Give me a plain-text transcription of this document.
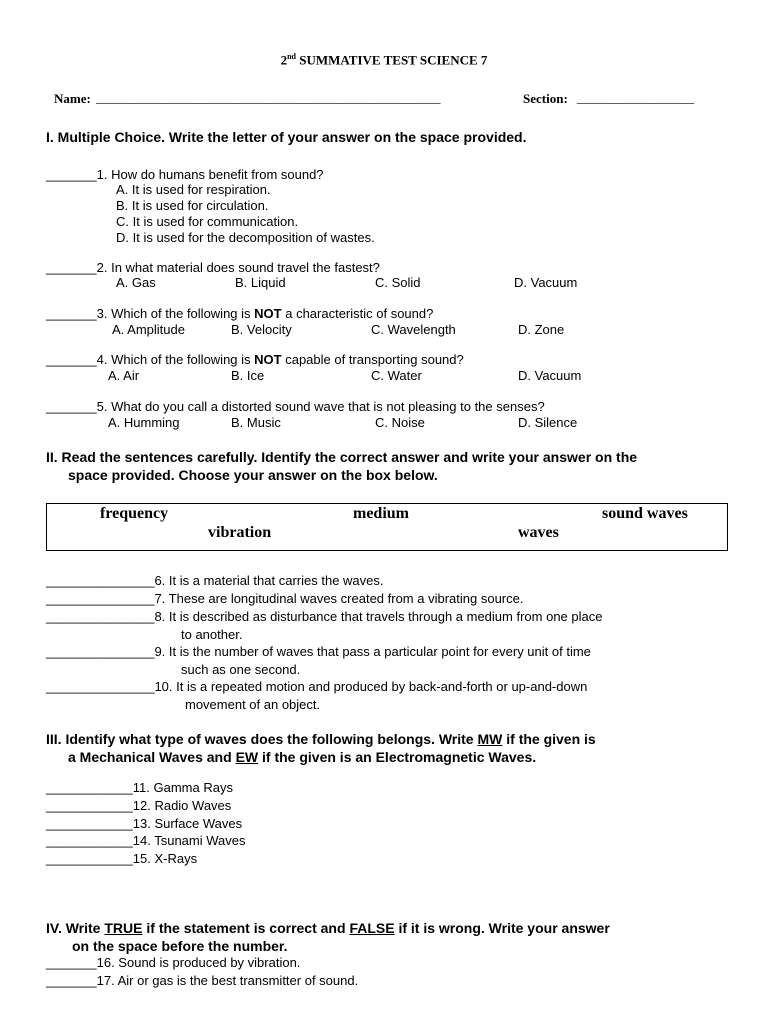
2nd SUMMATIVE TEST SCIENCE 7
Name: _____________________________________________________	Section: __________________
I. Multiple Choice. Write the letter of your answer on the space provided.
_______1. How do humans benefit from sound?
A. It is used for respiration.
B. It is used for circulation.
C. It is used for communication.
D. It is used for the decomposition of wastes.
_______2. In what material does sound travel the fastest?
A. Gas	B. Liquid	C. Solid	D. Vacuum
_______3. Which of the following is NOT a characteristic of sound?
A. Amplitude	B. Velocity	C. Wavelength	D. Zone
_______4. Which of the following is NOT capable of transporting sound?
A. Air	B. Ice	C. Water	D. Vacuum
_______5. What do you call a distorted sound wave that is not pleasing to the senses?
A. Humming	B. Music	C. Noise	D. Silence
II. Read the sentences carefully. Identify the correct answer and write your answer on the
space provided. Choose your answer on the box below.
frequency	medium	sound waves
vibration	waves
_______________6. It is a material that carries the waves.
_______________7. These are longitudinal waves created from a vibrating source.
_______________8. It is described as disturbance that travels through a medium from one place
to another.
_______________9. It is the number of waves that pass a particular point for every unit of time
such as one second.
_______________10. It is a repeated motion and produced by back-and-forth or up-and-down
movement of an object.
III. Identify what type of waves does the following belongs. Write MW if the given is
a Mechanical Waves and EW if the given is an Electromagnetic Waves.
____________11. Gamma Rays
____________12. Radio Waves
____________13. Surface Waves
____________14. Tsunami Waves
____________15. X-Rays
IV. Write TRUE if the statement is correct and FALSE if it is wrong. Write your answer
on the space before the number.
_______16. Sound is produced by vibration.
_______17. Air or gas is the best transmitter of sound.
